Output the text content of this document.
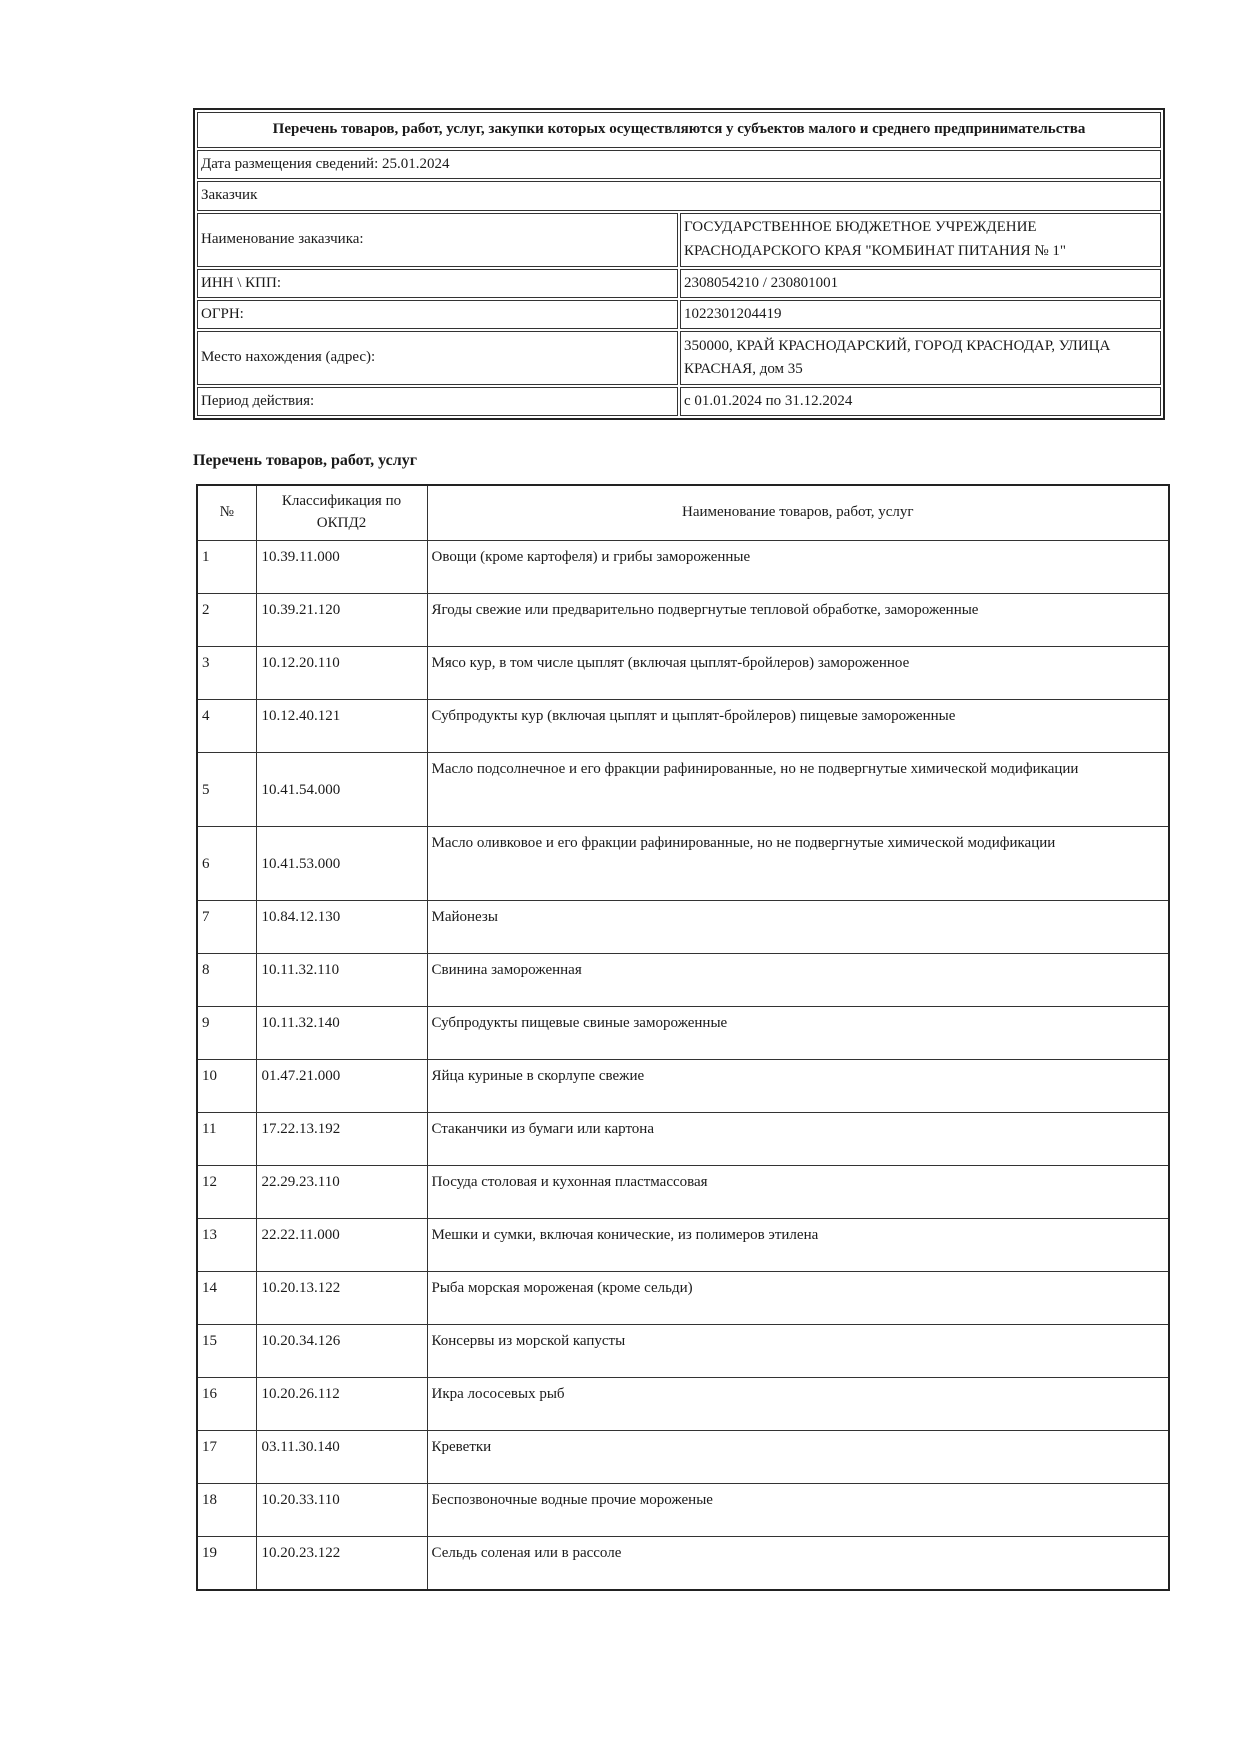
Перечень товаров, работ, услуг, закупки которых осуществляются у субъектов малого и среднего предпринимательства	
Дата размещения сведений: 25.01.2024	
Заказчик	
Наименование заказчика:	ГОСУДАРСТВЕННОЕ БЮДЖЕТНОЕ УЧРЕЖДЕНИЕ КРАСНОДАРСКОГО КРАЯ "КОМБИНАТ ПИТАНИЯ № 1"
ИНН \ КПП:	2308054210 / 230801001
ОГРН:	1022301204419
Место нахождения (адрес):	350000, КРАЙ КРАСНОДАРСКИЙ, ГОРОД КРАСНОДАР, УЛИЦА КРАСНАЯ, дом 35
Период действия:	с 01.01.2024 по 31.12.2024

Перечень товаров, работ, услуг

№	Классификация по ОКПД2	Наименование товаров, работ, услуг
1	10.39.11.000	Овощи (кроме картофеля) и грибы замороженные
2	10.39.21.120	Ягоды свежие или предварительно подвергнутые тепловой обработке, замороженные
3	10.12.20.110	Мясо кур, в том числе цыплят (включая цыплят-бройлеров) замороженное
4	10.12.40.121	Субпродукты кур (включая цыплят и цыплят-бройлеров) пищевые замороженные
5	10.41.54.000	Масло подсолнечное и его фракции рафинированные, но не подвергнутые химической модификации
6	10.41.53.000	Масло оливковое и его фракции рафинированные, но не подвергнутые химической модификации
7	10.84.12.130	Майонезы
8	10.11.32.110	Свинина замороженная
9	10.11.32.140	Субпродукты пищевые свиные замороженные
10	01.47.21.000	Яйца куриные в скорлупе свежие
11	17.22.13.192	Стаканчики из бумаги или картона
12	22.29.23.110	Посуда столовая и кухонная пластмассовая
13	22.22.11.000	Мешки и сумки, включая конические, из полимеров этилена
14	10.20.13.122	Рыба морская мороженая (кроме сельди)
15	10.20.34.126	Консервы из морской капусты
16	10.20.26.112	Икра лососевых рыб
17	03.11.30.140	Креветки
18	10.20.33.110	Беспозвоночные водные прочие мороженые
19	10.20.23.122	Сельдь соленая или в рассоле
